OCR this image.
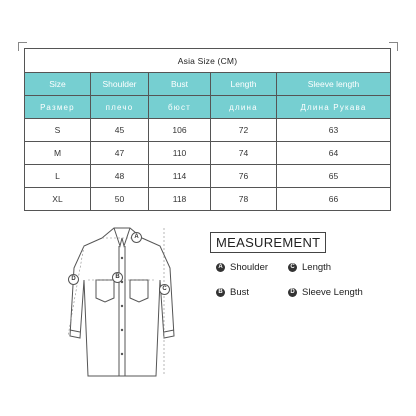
Asia Size (CM)				
Size	Shoulder	Bust	Length	Sleeve length
Размер	плечо	бюст	длина	Длина Рукава
S	45	106	72	63
M	47	110	74	64
L	48	114	76	65
XL	50	118	78	66
A
B
C
D
MEASUREMENT
A Shoulder	C Length
B Bust	D Sleeve Length
